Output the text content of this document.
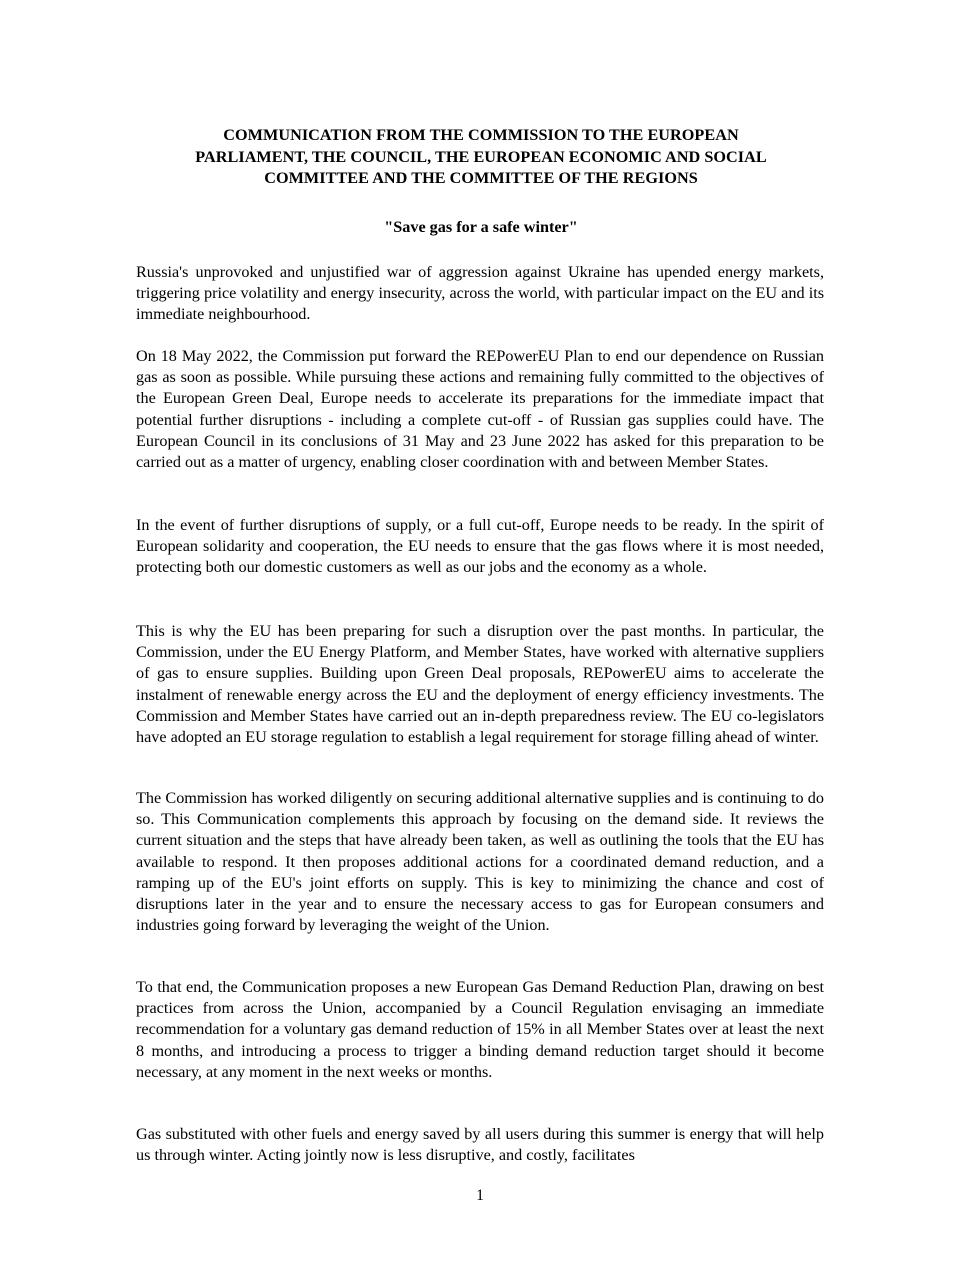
COMMUNICATION FROM THE COMMISSION TO THE EUROPEAN
PARLIAMENT, THE COUNCIL, THE EUROPEAN ECONOMIC AND SOCIAL
COMMITTEE AND THE COMMITTEE OF THE REGIONS
"Save gas for a safe winter"

Russia's unprovoked and unjustified war of aggression against Ukraine has upended energy markets, triggering price volatility and energy insecurity, across the world, with particular impact on the EU and its immediate neighbourhood.

On 18 May 2022, the Commission put forward the REPowerEU Plan to end our dependence on Russian gas as soon as possible. While pursuing these actions and remaining fully committed to the objectives of the European Green Deal, Europe needs to accelerate its preparations for the immediate impact that potential further disruptions - including a complete cut-off - of Russian gas supplies could have. The European Council in its conclusions of 31 May and 23 June 2022 has asked for this preparation to be carried out as a matter of urgency, enabling closer coordination with and between Member States.

In the event of further disruptions of supply, or a full cut-off, Europe needs to be ready. In the spirit of European solidarity and cooperation, the EU needs to ensure that the gas flows where it is most needed, protecting both our domestic customers as well as our jobs and the economy as a whole.

This is why the EU has been preparing for such a disruption over the past months. In particular, the Commission, under the EU Energy Platform, and Member States, have worked with alternative suppliers of gas to ensure supplies. Building upon Green Deal proposals, REPowerEU aims to accelerate the instalment of renewable energy across the EU and the deployment of energy efficiency investments. The Commission and Member States have carried out an in-depth preparedness review. The EU co-legislators have adopted an EU storage regulation to establish a legal requirement for storage filling ahead of winter.

The Commission has worked diligently on securing additional alternative supplies and is continuing to do so. This Communication complements this approach by focusing on the demand side. It reviews the current situation and the steps that have already been taken, as well as outlining the tools that the EU has available to respond. It then proposes additional actions for a coordinated demand reduction, and a ramping up of the EU's joint efforts on supply. This is key to minimizing the chance and cost of disruptions later in the year and to ensure the necessary access to gas for European consumers and industries going forward by leveraging the weight of the Union.

To that end, the Communication proposes a new European Gas Demand Reduction Plan, drawing on best practices from across the Union, accompanied by a Council Regulation envisaging an immediate recommendation for a voluntary gas demand reduction of 15% in all Member States over at least the next 8 months, and introducing a process to trigger a binding demand reduction target should it become necessary, at any moment in the next weeks or months.

Gas substituted with other fuels and energy saved by all users during this summer is energy that will help us through winter. Acting jointly now is less disruptive, and costly, facilitates

1
